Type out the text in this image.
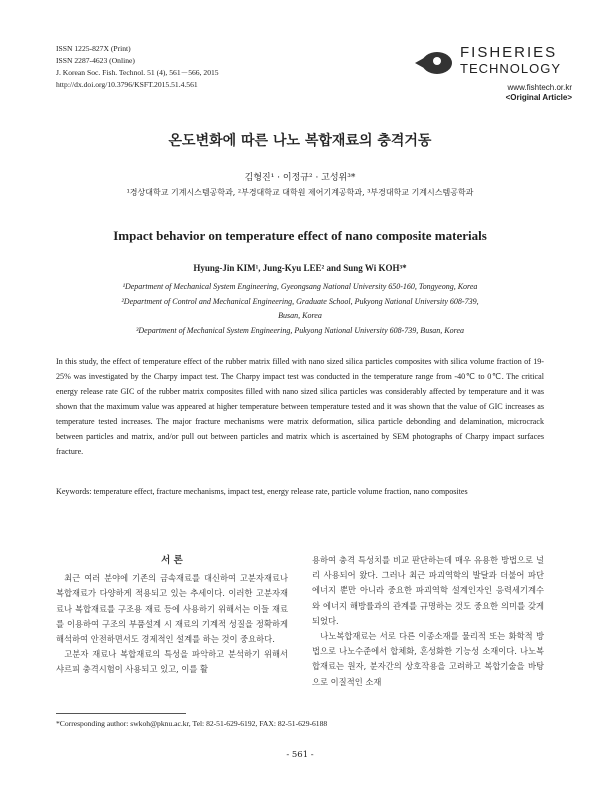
ISSN 1225-827X (Print)
ISSN 2287-4623 (Online)
J. Korean Soc. Fish. Technol. 51 (4), 561－566, 2015
http://dx.doi.org/10.3796/KSFT.2015.51.4.561
FISHERIES
TECHNOLOGY
www.fishtech.or.kr
<Original Article>
온도변화에 따른 나노 복합재료의 충격거동
김형진¹ · 이정규² · 고성위³*
¹경상대학교 기계시스템공학과, ²부경대학교 대학원 제어기계공학과, ³부경대학교 기계시스템공학과
Impact behavior on temperature effect of nano composite materials
Hyung-Jin KIM¹, Jung-Kyu LEE² and Sung Wi KOH³*
¹Department of Mechanical System Engineering, Gyeongsang National University 650-160, Tongyeong, Korea
²Department of Control and Mechanical Engineering, Graduate School, Pukyong National University 608-739,
Busan, Korea
³Department of Mechanical System Engineering, Pukyong National University 608-739, Busan, Korea
In this study, the effect of temperature effect of the rubber matrix filled with nano sized silica particles composites with silica volume fraction of 19-25% was investigated by the Charpy impact test. The Charpy impact test was conducted in the temperature range from -40℃ to 0℃. The critical energy release rate GIC of the rubber matrix composites filled with nano sized silica particles was considerably affected by temperature and it was shown that the maximum value was appeared at higher temperature between temperature tested and it was shown that the value of GIC increases as temperature tested increases. The major fracture mechanisms were matrix deformation, silica particle debonding and delamination, microcrack between particles and matrix, and/or pull out between particles and matrix which is ascertained by SEM photographs of Charpy impact surfaces fracture.
Keywords: temperature effect, fracture mechanisms, impact test, energy release rate, particle volume fraction, nano composites
서 론

최근 여러 분야에 기존의 금속재료를 대신하여 고분자재료나 복합재료가 다양하게 적용되고 있는 추세이다. 이러한 고분자재료나 복합재료를 구조용 재료 등에 사용하기 위해서는 이들 재료를 이용하여 구조의 부품설계 시 재료의 기계적 성질을 정확하게 해석하여 안전하면서도 경제적인 설계를 하는 것이 중요하다.

고분자 재료나 복합재료의 특성을 파악하고 분석하기 위해서 샤르피 충격시험이 사용되고 있고, 이를 활

용하여 충격 특성치를 비교 판단하는데 매우 유용한 방법으로 널리 사용되어 왔다. 그러나 최근 파괴역학의 발달과 더불어 파단에너지 뿐만 아니라 중요한 파괴역학 설계인자인 응력세기계수와 에너지 해방률과의 관계를 규명하는 것도 중요한 의미를 갖게 되었다.

나노복합재료는 서로 다른 이종소재를 물리적 또는 화학적 방법으로 나노수준에서 합체화, 혼성화한 기능성 소재이다. 나노복합재료는 원자, 분자간의 상호작용을 고려하고 복합기술을 바탕으로 이질적인 소재

*Corresponding author: swkoh@pknu.ac.kr, Tel: 82-51-629-6192, FAX: 82-51-629-6188
- 561 -
